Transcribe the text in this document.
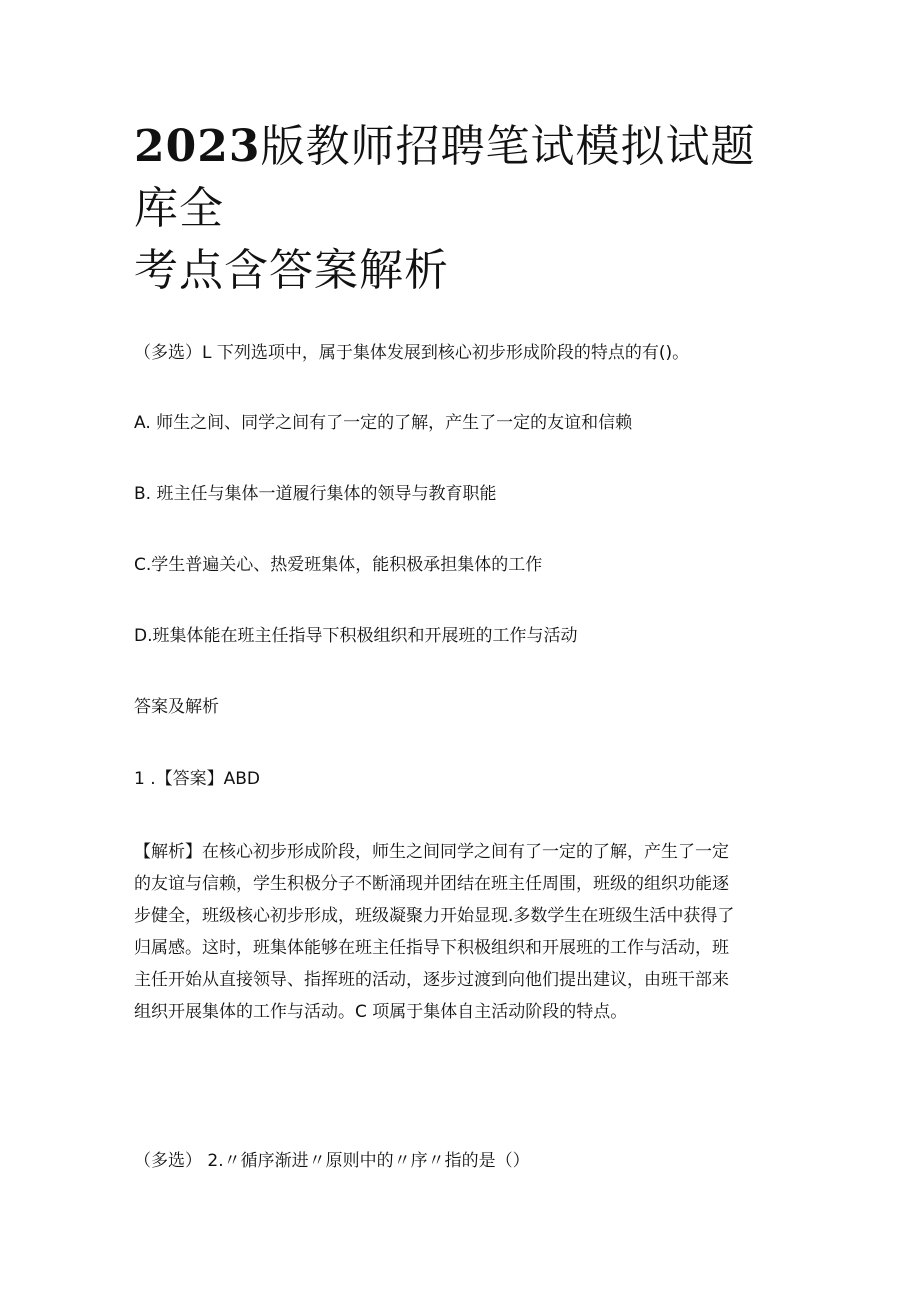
2023版教师招聘笔试模拟试题库全
考点含答案解析
（多选）L 下列选项中，属于集体发展到核心初步形成阶段的特点的有()。
A. 师生之间、同学之间有了一定的了解，产生了一定的友谊和信赖
B. 班主任与集体一道履行集体的领导与教育职能
C.学生普遍关心、热爱班集体，能积极承担集体的工作
D.班集体能在班主任指导下积极组织和开展班的工作与活动
答案及解析
1 .【答案】ABD

【解析】在核心初步形成阶段，师生之间同学之间有了一定的了解，产生了一定

的友谊与信赖，学生积极分子不断涌现并团结在班主任周围，班级的组织功能逐

步健全，班级核心初步形成，班级凝聚力开始显现.多数学生在班级生活中获得了

归属感。这时，班集体能够在班主任指导下积极组织和开展班的工作与活动，班

主任开始从直接领导、指挥班的活动，逐步过渡到向他们提出建议，由班干部来

组织开展集体的工作与活动。C 项属于集体自主活动阶段的特点。

（多选） 2.〃循序渐进〃原则中的〃序〃指的是（）
